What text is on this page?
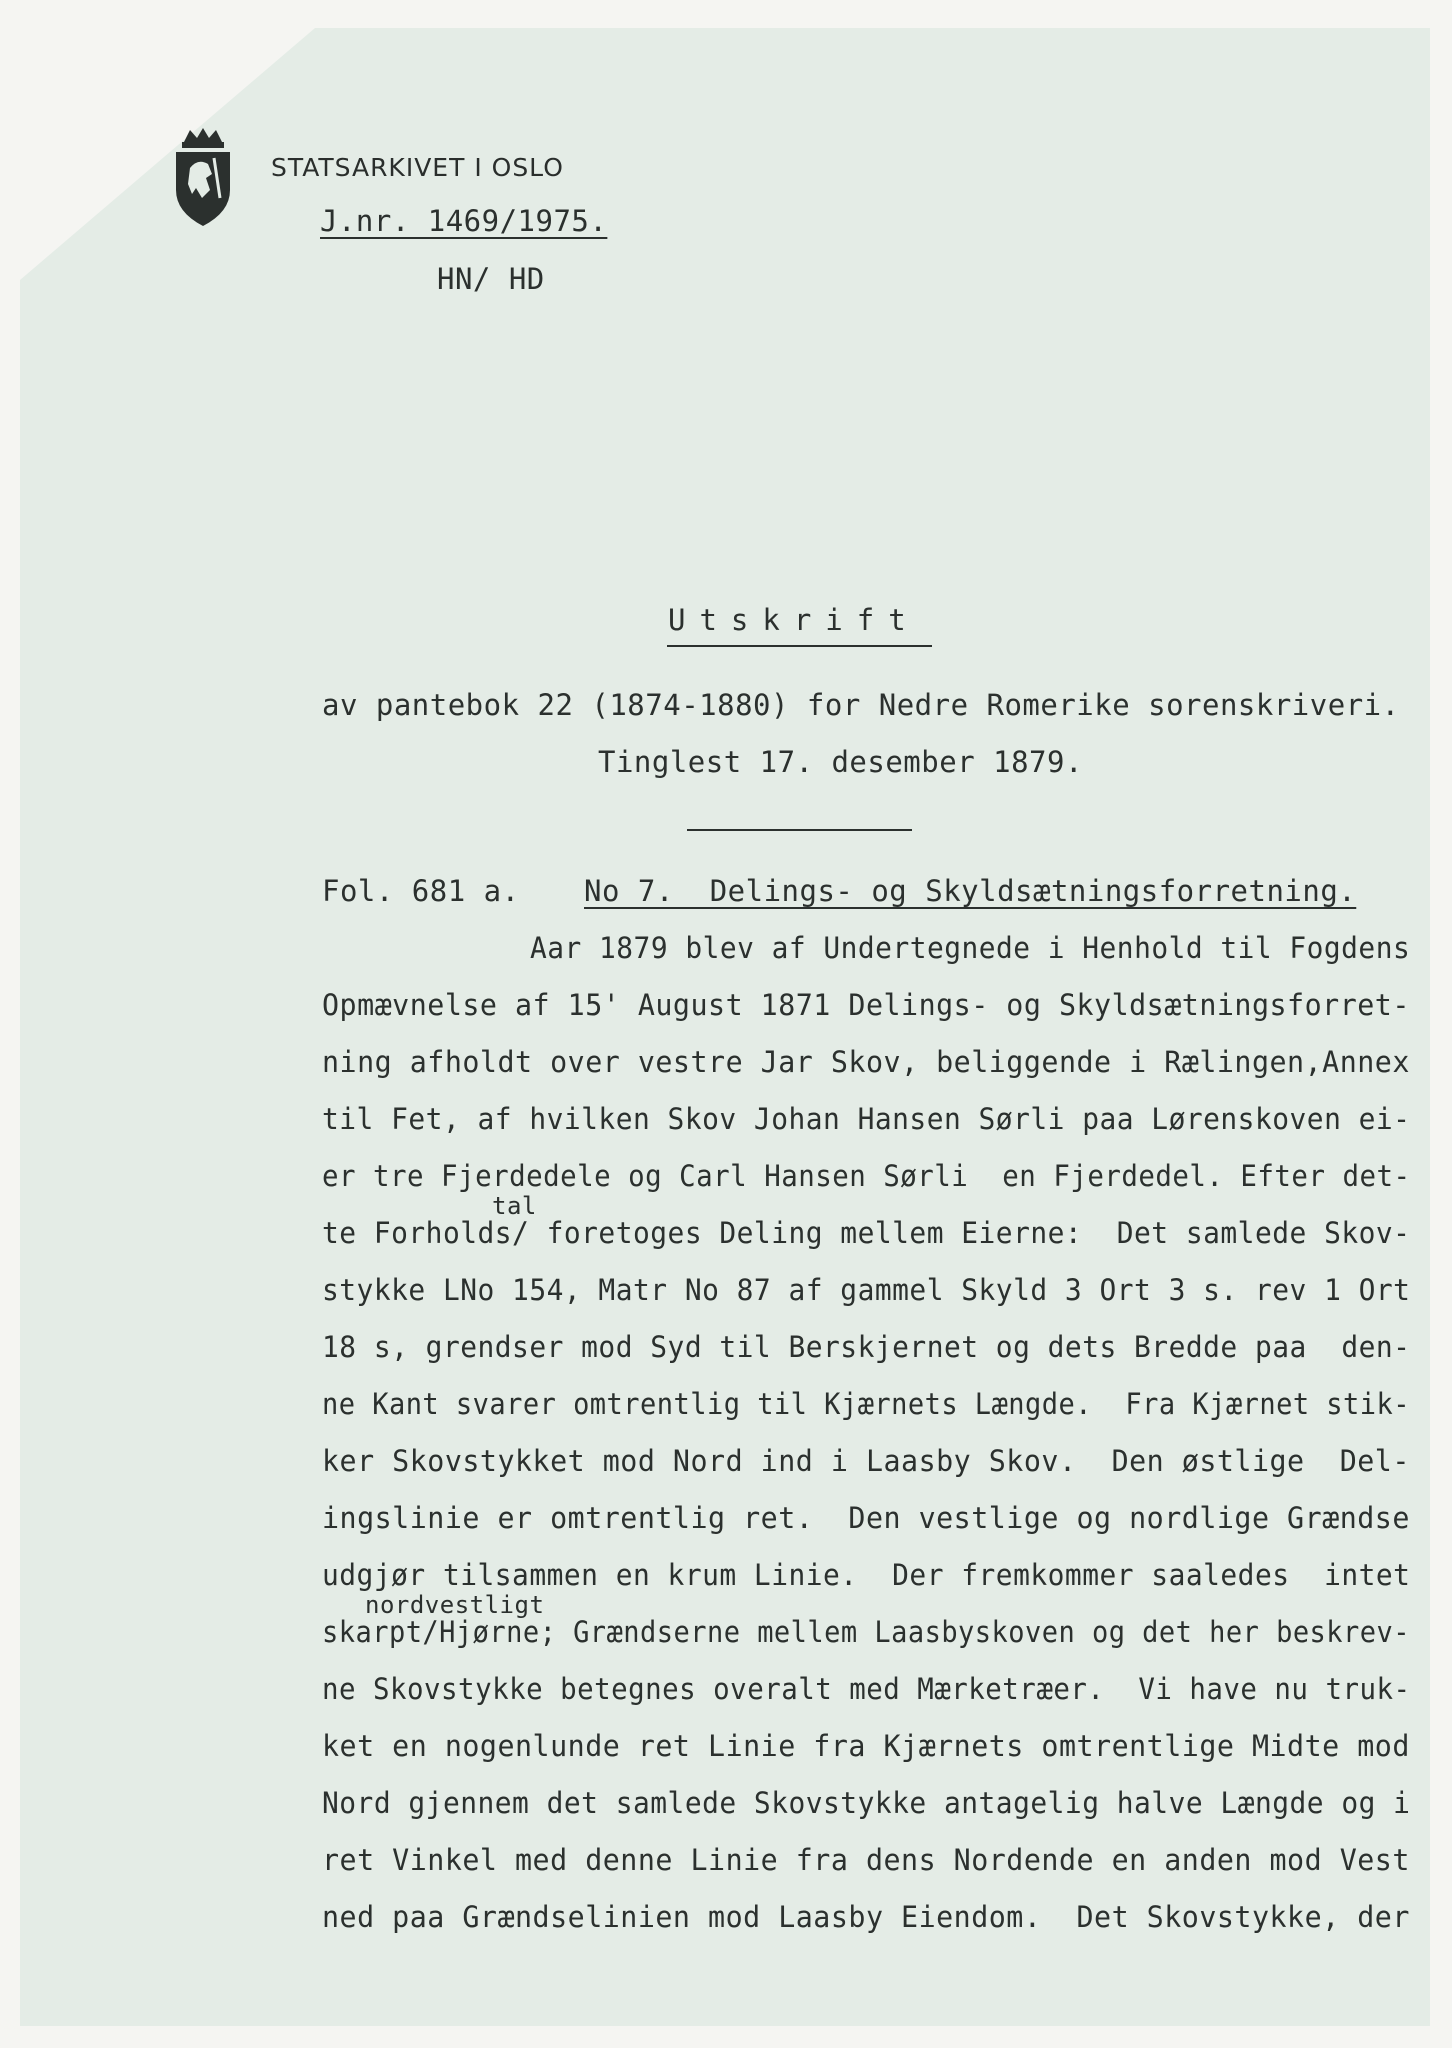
STATSARKIVET I OSLO
J.nr. 1469/1975.
HN/ HD
Utskrift
av pantebok 22 (1874-1880) for Nedre Romerike sorenskriveri.
Tinglest 17. desember 1879.
Fol. 681 a. No 7.  Delings- og Skyldsætningsforretning.
Aar 1879 blev af Undertegnede i Henhold til Fogdens
Opmævnelse af 15' August 1871 Delings- og Skyldsætningsforret-
ning afholdt over vestre Jar Skov, beliggende i Rælingen,Annex
til Fet, af hvilken Skov Johan Hansen Sørli paa Lørenskoven ei-
er tre Fjerdedele og Carl Hansen Sørli  en Fjerdedel. Efter det-
tal
te Forholds/ foretoges Deling mellem Eierne:  Det samlede Skov-
stykke LNo 154, Matr No 87 af gammel Skyld 3 Ort 3 s. rev 1 Ort
18 s, grendser mod Syd til Berskjernet og dets Bredde paa  den-
ne Kant svarer omtrentlig til Kjærnets Længde.  Fra Kjærnet stik-
ker Skovstykket mod Nord ind i Laasby Skov.  Den østlige  Del-
ingslinie er omtrentlig ret.  Den vestlige og nordlige Grændse
udgjør tilsammen en krum Linie.  Der fremkommer saaledes  intet
nordvestligt
skarpt/Hjørne; Grændserne mellem Laasbyskoven og det her beskrev-
ne Skovstykke betegnes overalt med Mærketræer.  Vi have nu truk-
ket en nogenlunde ret Linie fra Kjærnets omtrentlige Midte mod
Nord gjennem det samlede Skovstykke antagelig halve Længde og i
ret Vinkel med denne Linie fra dens Nordende en anden mod Vest
ned paa Grændselinien mod Laasby Eiendom.  Det Skovstykke, der
